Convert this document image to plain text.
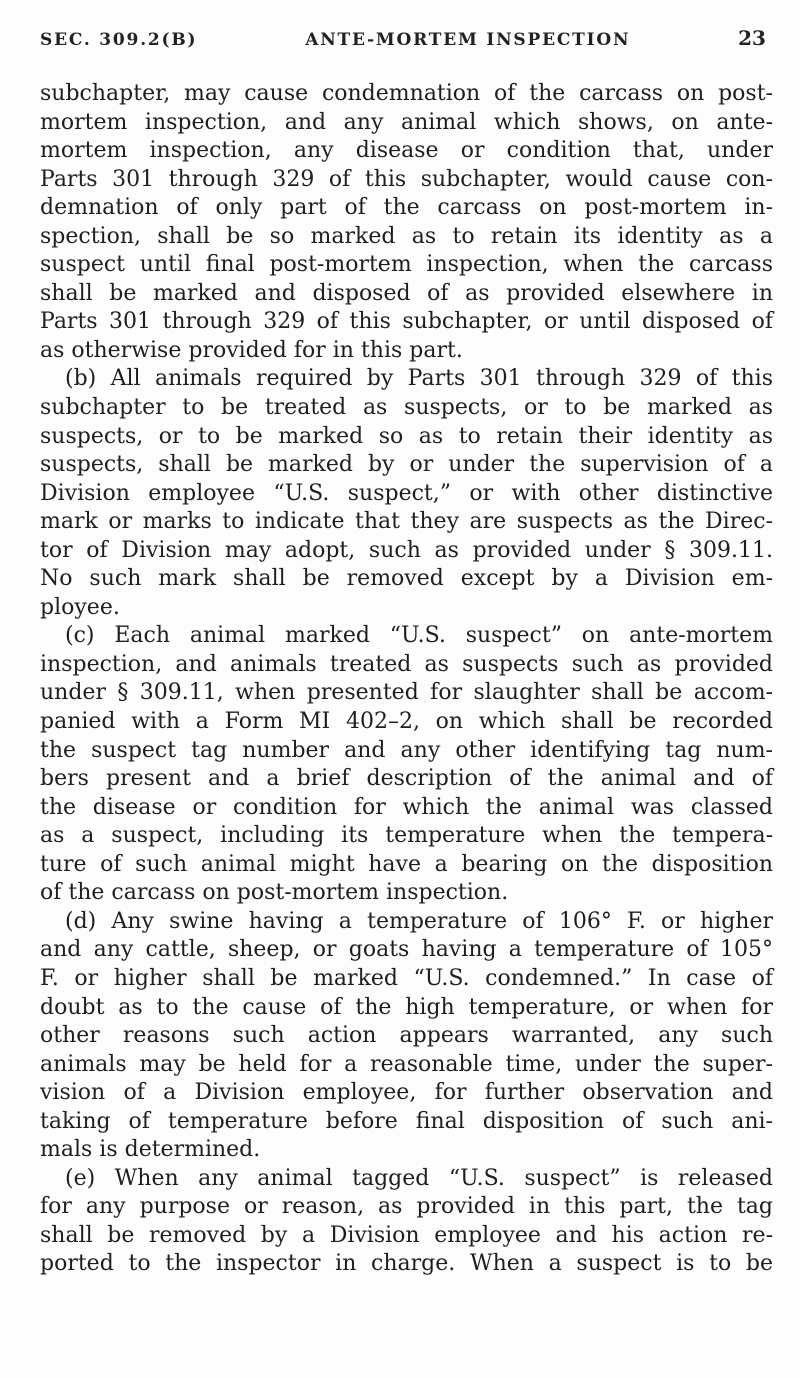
SEC. 309.2(B)	ANTE-MORTEM INSPECTION	23
subchapter, may cause condemnation of the carcass on post-
mortem inspection, and any animal which shows, on ante-
mortem inspection, any disease or condition that, under
Parts 301 through 329 of this subchapter, would cause con-
demnation of only part of the carcass on post-mortem in-
spection, shall be so marked as to retain its identity as a
suspect until final post-mortem inspection, when the carcass
shall be marked and disposed of as provided elsewhere in
Parts 301 through 329 of this subchapter, or until disposed of
as otherwise provided for in this part.
(b) All animals required by Parts 301 through 329 of this
subchapter to be treated as suspects, or to be marked as
suspects, or to be marked so as to retain their identity as
suspects, shall be marked by or under the supervision of a
Division employee “U.S. suspect,” or with other distinctive
mark or marks to indicate that they are suspects as the Direc-
tor of Division may adopt, such as provided under § 309.11.
No such mark shall be removed except by a Division em-
ployee.
(c) Each animal marked “U.S. suspect” on ante-mortem
inspection, and animals treated as suspects such as provided
under § 309.11, when presented for slaughter shall be accom-
panied with a Form MI 402–2, on which shall be recorded
the suspect tag number and any other identifying tag num-
bers present and a brief description of the animal and of
the disease or condition for which the animal was classed
as a suspect, including its temperature when the tempera-
ture of such animal might have a bearing on the disposition
of the carcass on post-mortem inspection.
(d) Any swine having a temperature of 106° F. or higher
and any cattle, sheep, or goats having a temperature of 105°
F. or higher shall be marked “U.S. condemned.” In case of
doubt as to the cause of the high temperature, or when for
other reasons such action appears warranted, any such
animals may be held for a reasonable time, under the super-
vision of a Division employee, for further observation and
taking of temperature before final disposition of such ani-
mals is determined.
(e) When any animal tagged “U.S. suspect” is released
for any purpose or reason, as provided in this part, the tag
shall be removed by a Division employee and his action re-
ported to the inspector in charge. When a suspect is to be
